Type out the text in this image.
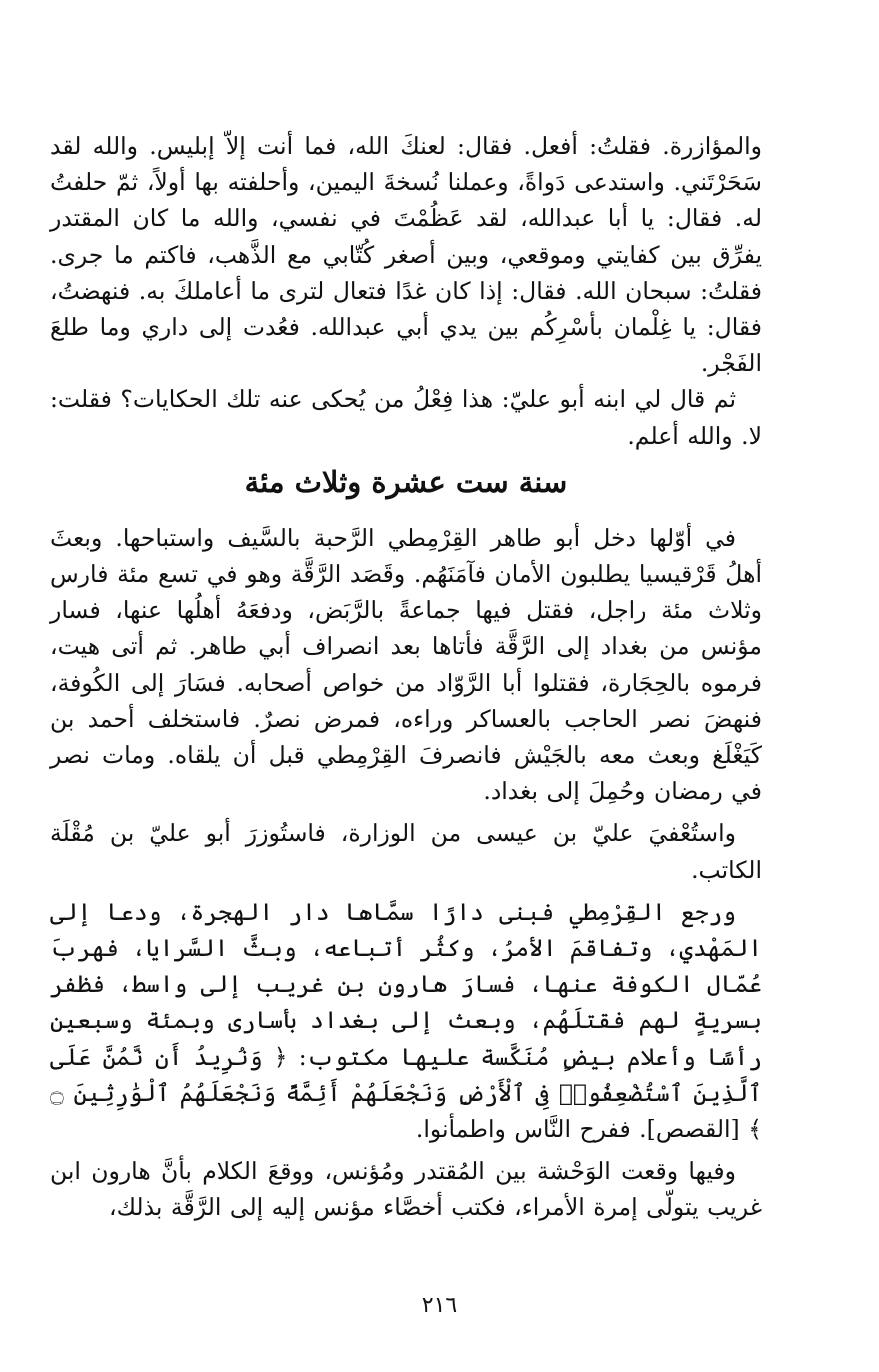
والمؤازرة. فقلتُ: أفعل. فقال: لعنكَ الله، فما أنت إلاّ إبليس. والله لقد سَحَرْتَني. واستدعى دَواةً، وعملنا نُسخةَ اليمين، وأحلفته بها أولاً، ثمّ حلفتُ له. فقال: يا أبا عبدالله، لقد عَظُمْتَ في نفسي، والله ما كان المقتدر يفرِّق بين كفايتي وموقعي، وبين أصغر كُتّابي مع الذَّهب، فاكتم ما جرى. فقلتُ: سبحان الله. فقال: إذا كان غدًا فتعال لترى ما أعاملكَ به. فنهضتُ، فقال: يا غِلْمان بأسْرِكُم بين يدي أبي عبدالله. فعُدت إلى داري وما طلعَ الفَجْر.

ثم قال لي ابنه أبو عليّ: هذا فِعْلُ من يُحكى عنه تلك الحكايات؟ فقلت: لا. والله أعلم.

سنة ست عشرة وثلاث مئة

في أوّلها دخل أبو طاهر القِرْمِطي الرَّحبة بالسَّيف واستباحها. وبعثَ أهلُ قَرْقيسيا يطلبون الأمان فآمَنَهُم. وقَصَد الرَّقَّة وهو في تسع مئة فارس وثلاث مئة راجل، فقتل فيها جماعةً بالرَّبَض، ودفعَهُ أهلُها عنها، فسار مؤنس من بغداد إلى الرَّقَّة فأتاها بعد انصراف أبي طاهر. ثم أتى هيت، فرموه بالحِجَارة، فقتلوا أبا الرَّوّاد من خواص أصحابه. فسَارَ إلى الكُوفة، فنهضَ نصر الحاجب بالعساكر وراءه، فمرض نصرٌ. فاستخلف أحمد بن كَيَغْلَغ وبعث معه بالجَيْش فانصرفَ القِرْمِطي قبل أن يلقاه. ومات نصر في رمضان وحُمِلَ إلى بغداد.

واستُعْفيَ عليّ بن عيسى من الوزارة، فاستُوزرَ أبو عليّ بن مُقْلَة الكاتب.

ورجع القِرْمِطي فبنى دارًا سمَّاها دار الهجرة، ودعا إلى المَهْدي، وتفاقمَ الأمرُ، وكثُر أتباعه، وبثَّ السَّرايا، فهربَ عُمّال الكوفة عنها، فسارَ هارون بن غريب إلى واسط، فظفر بسريةٍ لهم فقتلَهُم، وبعث إلى بغداد بأسارى وبمئة وسبعين رأسًا وأعلام بيضٍ مُنَكَّسة عليها مكتوب: ﴿ وَنُرِيدُ أَن نَّمُنَّ عَلَى ٱلَّذِينَ ٱسْتُضْعِفُوا۟ فِى ٱلْأَرْضِ وَنَجْعَلَهُمْ أَئِمَّةً وَنَجْعَلَهُمُ ٱلْوَٰرِثِينَ ۝ ﴾ [القصص]. ففرح النَّاس واطمأنوا.

وفيها وقعت الوَحْشة بين المُقتدر ومُؤنس، ووقعَ الكلام بأنَّ هارون ابن غريب يتولّى إمرة الأمراء، فكتب أخصَّاء مؤنس إليه إلى الرَّقَّة بذلك،

٢١٦
